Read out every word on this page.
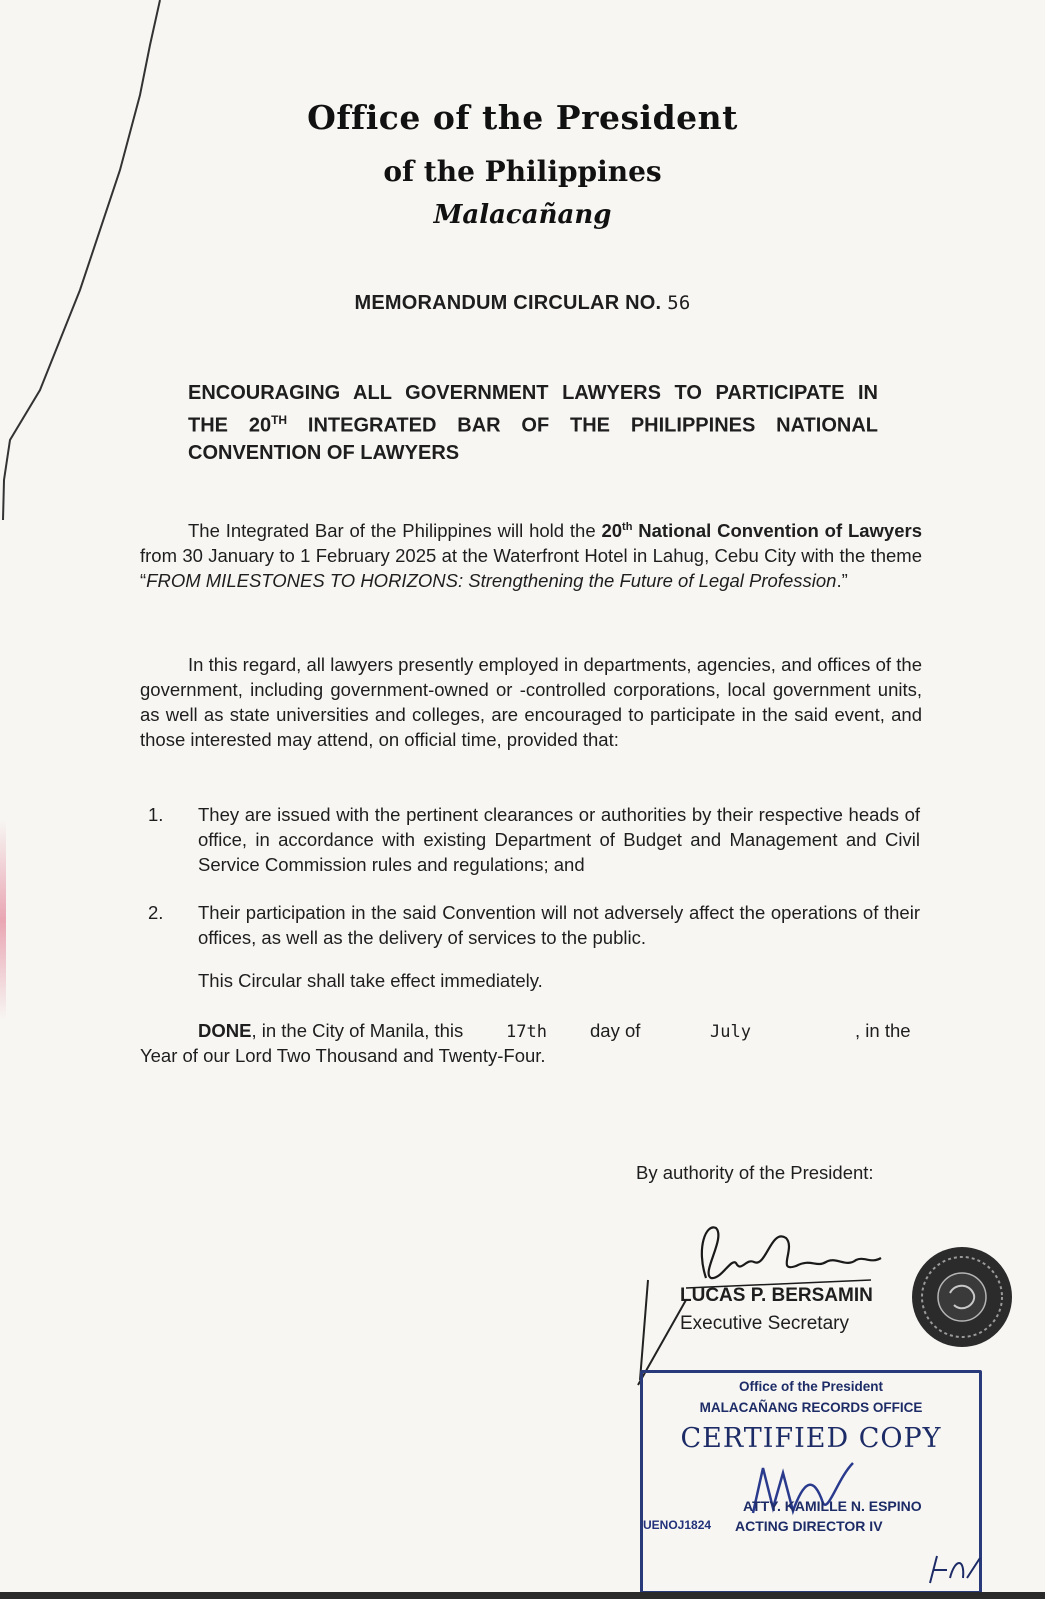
Office of the President
of the Philippines
Malacañang
MEMORANDUM CIRCULAR NO. 56
ENCOURAGING ALL GOVERNMENT LAWYERS TO PARTICIPATE IN
THE 20TH INTEGRATED BAR OF THE PHILIPPINES NATIONAL
CONVENTION OF LAWYERS
The Integrated Bar of the Philippines will hold the 20th National Convention of Lawyers from 30 January to 1 February 2025 at the Waterfront Hotel in Lahug, Cebu City with the theme “FROM MILESTONES TO HORIZONS: Strengthening the Future of Legal Profession.”
In this regard, all lawyers presently employed in departments, agencies, and offices of the government, including government-owned or -controlled corporations, local government units, as well as state universities and colleges, are encouraged to participate in the said event, and those interested may attend, on official time, provided that:
1. They are issued with the pertinent clearances or authorities by their respective heads of office, in accordance with existing Department of Budget and Management and Civil Service Commission rules and regulations; and
2. Their participation in the said Convention will not adversely affect the operations of their offices, as well as the delivery of services to the public.
This Circular shall take effect immediately.
DONE, in the City of Manila, this	17th day of	July	, in the
Year of our Lord Two Thousand and Twenty-Four.
By authority of the President:
LUCAS P. BERSAMIN
Executive Secretary
Office of the President
MALACAÑANG RECORDS OFFICE
CERTIFIED COPY
ATTY. KAMILLE N. ESPINO
ACTING DIRECTOR IV
UENOJ1824
